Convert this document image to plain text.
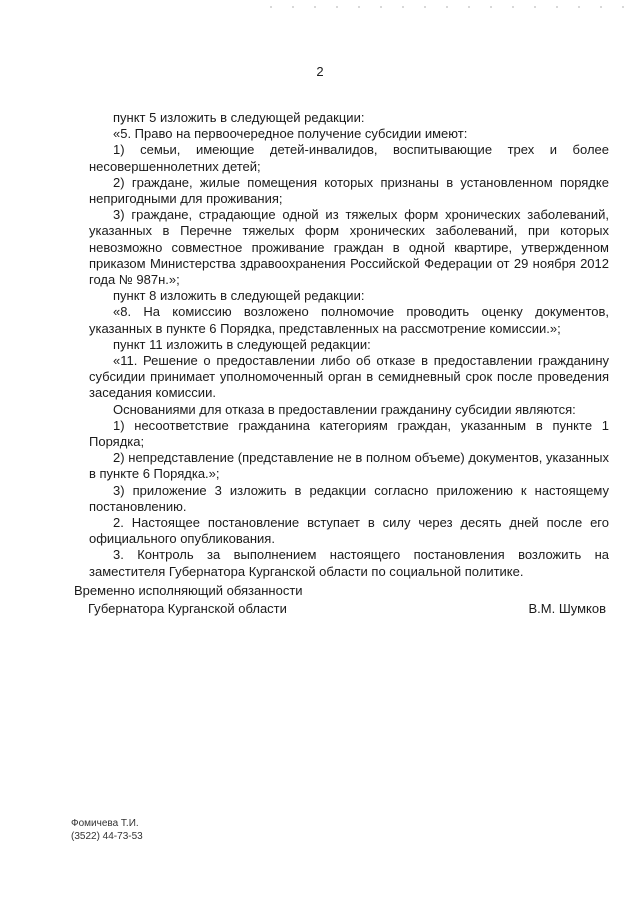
2

пункт 5 изложить в следующей редакции:

«5. Право на первоочередное получение субсидии имеют:

1) семьи, имеющие детей-инвалидов, воспитывающие трех и более несовершеннолетних детей;

2) граждане, жилые помещения которых признаны в установленном порядке непригодными для проживания;

3) граждане, страдающие одной из тяжелых форм хронических заболеваний, указанных в Перечне тяжелых форм хронических заболеваний, при которых невозможно совместное проживание граждан в одной квартире, утвержденном приказом Министерства здравоохранения Российской Федерации от 29 ноября 2012 года № 987н.»;

пункт 8 изложить в следующей редакции:

«8. На комиссию возложено полномочие проводить оценку документов, указанных в пункте 6 Порядка, представленных на рассмотрение комиссии.»;

пункт 11 изложить в следующей редакции:

«11. Решение о предоставлении либо об отказе в предоставлении гражданину субсидии принимает уполномоченный орган в семидневный срок после проведения заседания комиссии.

Основаниями для отказа в предоставлении гражданину субсидии являются:

1) несоответствие гражданина категориям граждан, указанным в пункте 1 Порядка;

2) непредставление (представление не в полном объеме) документов, указанных в пункте 6 Порядка.»;

3) приложение 3 изложить в редакции согласно приложению к настоящему постановлению.

2. Настоящее постановление вступает в силу через десять дней после его официального опубликования.

3. Контроль за выполнением настоящего постановления возложить на заместителя Губернатора Курганской области по социальной политике.

Временно исполняющий обязанности
Губернатора Курганской области	В.М. Шумков
Фомичева Т.И.
(3522) 44-73-53
